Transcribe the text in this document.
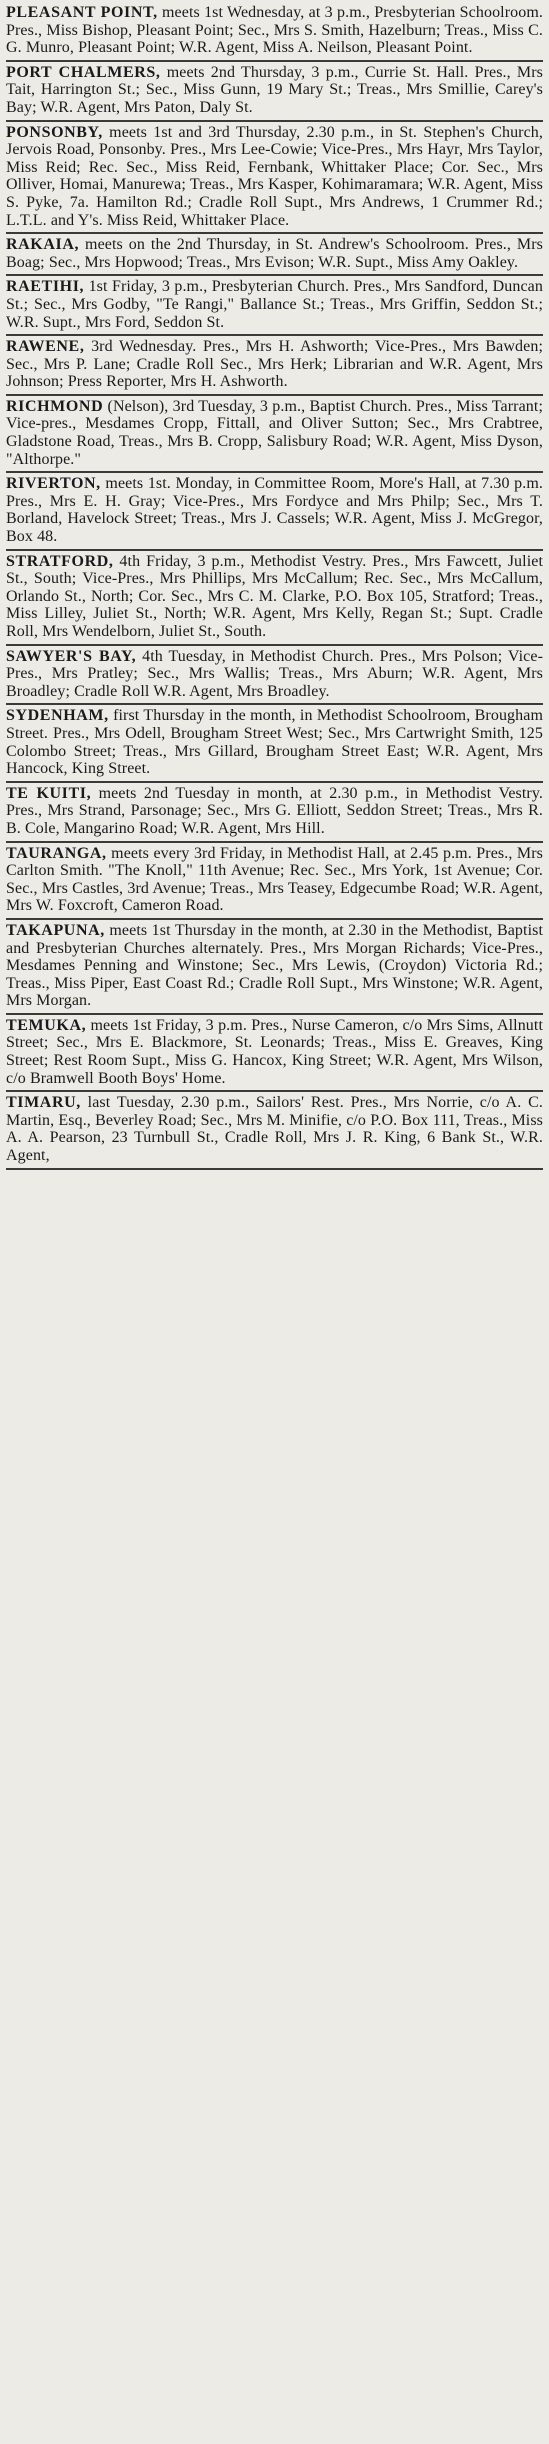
PLEASANT POINT, meets 1st Wednesday, at 3 p.m., Presbyterian Schoolroom. Pres., Miss Bishop, Pleasant Point; Sec., Mrs S. Smith, Hazelburn; Treas., Miss C. G. Munro, Pleasant Point; W.R. Agent, Miss A. Neilson, Pleasant Point.
PORT CHALMERS, meets 2nd Thursday, 3 p.m., Currie St. Hall. Pres., Mrs Tait, Harrington St.; Sec., Miss Gunn, 19 Mary St.; Treas., Mrs Smillie, Carey's Bay; W.R. Agent, Mrs Paton, Daly St.
PONSONBY, meets 1st and 3rd Thursday, 2.30 p.m., in St. Stephen's Church, Jervois Road, Ponsonby. Pres., Mrs Lee-Cowie; Vice-Pres., Mrs Hayr, Mrs Taylor, Miss Reid; Rec. Sec., Miss Reid, Fernbank, Whittaker Place; Cor. Sec., Mrs Olliver, Homai, Manurewa; Treas., Mrs Kasper, Kohimaramara; W.R. Agent, Miss S. Pyke, 7a. Hamilton Rd.; Cradle Roll Supt., Mrs Andrews, 1 Crummer Rd.; L.T.L. and Y's. Miss Reid, Whittaker Place.
RAKAIA, meets on the 2nd Thursday, in St. Andrew's Schoolroom. Pres., Mrs Boag; Sec., Mrs Hopwood; Treas., Mrs Evison; W.R. Supt., Miss Amy Oakley.
RAETIHI, 1st Friday, 3 p.m., Presbyterian Church. Pres., Mrs Sandford, Duncan St.; Sec., Mrs Godby, "Te Rangi," Ballance St.; Treas., Mrs Griffin, Seddon St.; W.R. Supt., Mrs Ford, Seddon St.
RAWENE, 3rd Wednesday. Pres., Mrs H. Ashworth; Vice-Pres., Mrs Bawden; Sec., Mrs P. Lane; Cradle Roll Sec., Mrs Herk; Librarian and W.R. Agent, Mrs Johnson; Press Reporter, Mrs H. Ashworth.
RICHMOND (Nelson), 3rd Tuesday, 3 p.m., Baptist Church. Pres., Miss Tarrant; Vice-pres., Mesdames Cropp, Fittall, and Oliver Sutton; Sec., Mrs Crabtree, Gladstone Road, Treas., Mrs B. Cropp, Salisbury Road; W.R. Agent, Miss Dyson, "Althorpe."
RIVERTON, meets 1st. Monday, in Committee Room, More's Hall, at 7.30 p.m. Pres., Mrs E. H. Gray; Vice-Pres., Mrs Fordyce and Mrs Philp; Sec., Mrs T. Borland, Havelock Street; Treas., Mrs J. Cassels; W.R. Agent, Miss J. McGregor, Box 48.
STRATFORD, 4th Friday, 3 p.m., Methodist Vestry. Pres., Mrs Fawcett, Juliet St., South; Vice-Pres., Mrs Phillips, Mrs McCallum; Rec. Sec., Mrs McCallum, Orlando St., North; Cor. Sec., Mrs C. M. Clarke, P.O. Box 105, Stratford; Treas., Miss Lilley, Juliet St., North; W.R. Agent, Mrs Kelly, Regan St.; Supt. Cradle Roll, Mrs Wendelborn, Juliet St., South.
SAWYER'S BAY, 4th Tuesday, in Methodist Church. Pres., Mrs Polson; Vice-Pres., Mrs Pratley; Sec., Mrs Wallis; Treas., Mrs Aburn; W.R. Agent, Mrs Broadley; Cradle Roll W.R. Agent, Mrs Broadley.
SYDENHAM, first Thursday in the month, in Methodist Schoolroom, Brougham Street. Pres., Mrs Odell, Brougham Street West; Sec., Mrs Cartwright Smith, 125 Colombo Street; Treas., Mrs Gillard, Brougham Street East; W.R. Agent, Mrs Hancock, King Street.
TE KUITI, meets 2nd Tuesday in month, at 2.30 p.m., in Methodist Vestry. Pres., Mrs Strand, Parsonage; Sec., Mrs G. Elliott, Seddon Street; Treas., Mrs R. B. Cole, Mangarino Road; W.R. Agent, Mrs Hill.
TAURANGA, meets every 3rd Friday, in Methodist Hall, at 2.45 p.m. Pres., Mrs Carlton Smith. "The Knoll," 11th Avenue; Rec. Sec., Mrs York, 1st Avenue; Cor. Sec., Mrs Castles, 3rd Avenue; Treas., Mrs Teasey, Edgecumbe Road; W.R. Agent, Mrs W. Foxcroft, Cameron Road.
TAKAPUNA, meets 1st Thursday in the month, at 2.30 in the Methodist, Baptist and Presbyterian Churches alternately. Pres., Mrs Morgan Richards; Vice-Pres., Mesdames Penning and Winstone; Sec., Mrs Lewis, (Croydon) Victoria Rd.; Treas., Miss Piper, East Coast Rd.; Cradle Roll Supt., Mrs Winstone; W.R. Agent, Mrs Morgan.
TEMUKA, meets 1st Friday, 3 p.m. Pres., Nurse Cameron, c/o Mrs Sims, Allnutt Street; Sec., Mrs E. Blackmore, St. Leonards; Treas., Miss E. Greaves, King Street; Rest Room Supt., Miss G. Hancox, King Street; W.R. Agent, Mrs Wilson, c/o Bramwell Booth Boys' Home.
TIMARU, last Tuesday, 2.30 p.m., Sailors' Rest. Pres., Mrs Norrie, c/o A. C. Martin, Esq., Beverley Road; Sec., Mrs M. Minifie, c/o P.O. Box 111, Treas., Miss A. A. Pearson, 23 Turnbull St., Cradle Roll, Mrs J. R. King, 6 Bank St., W.R. Agent,
